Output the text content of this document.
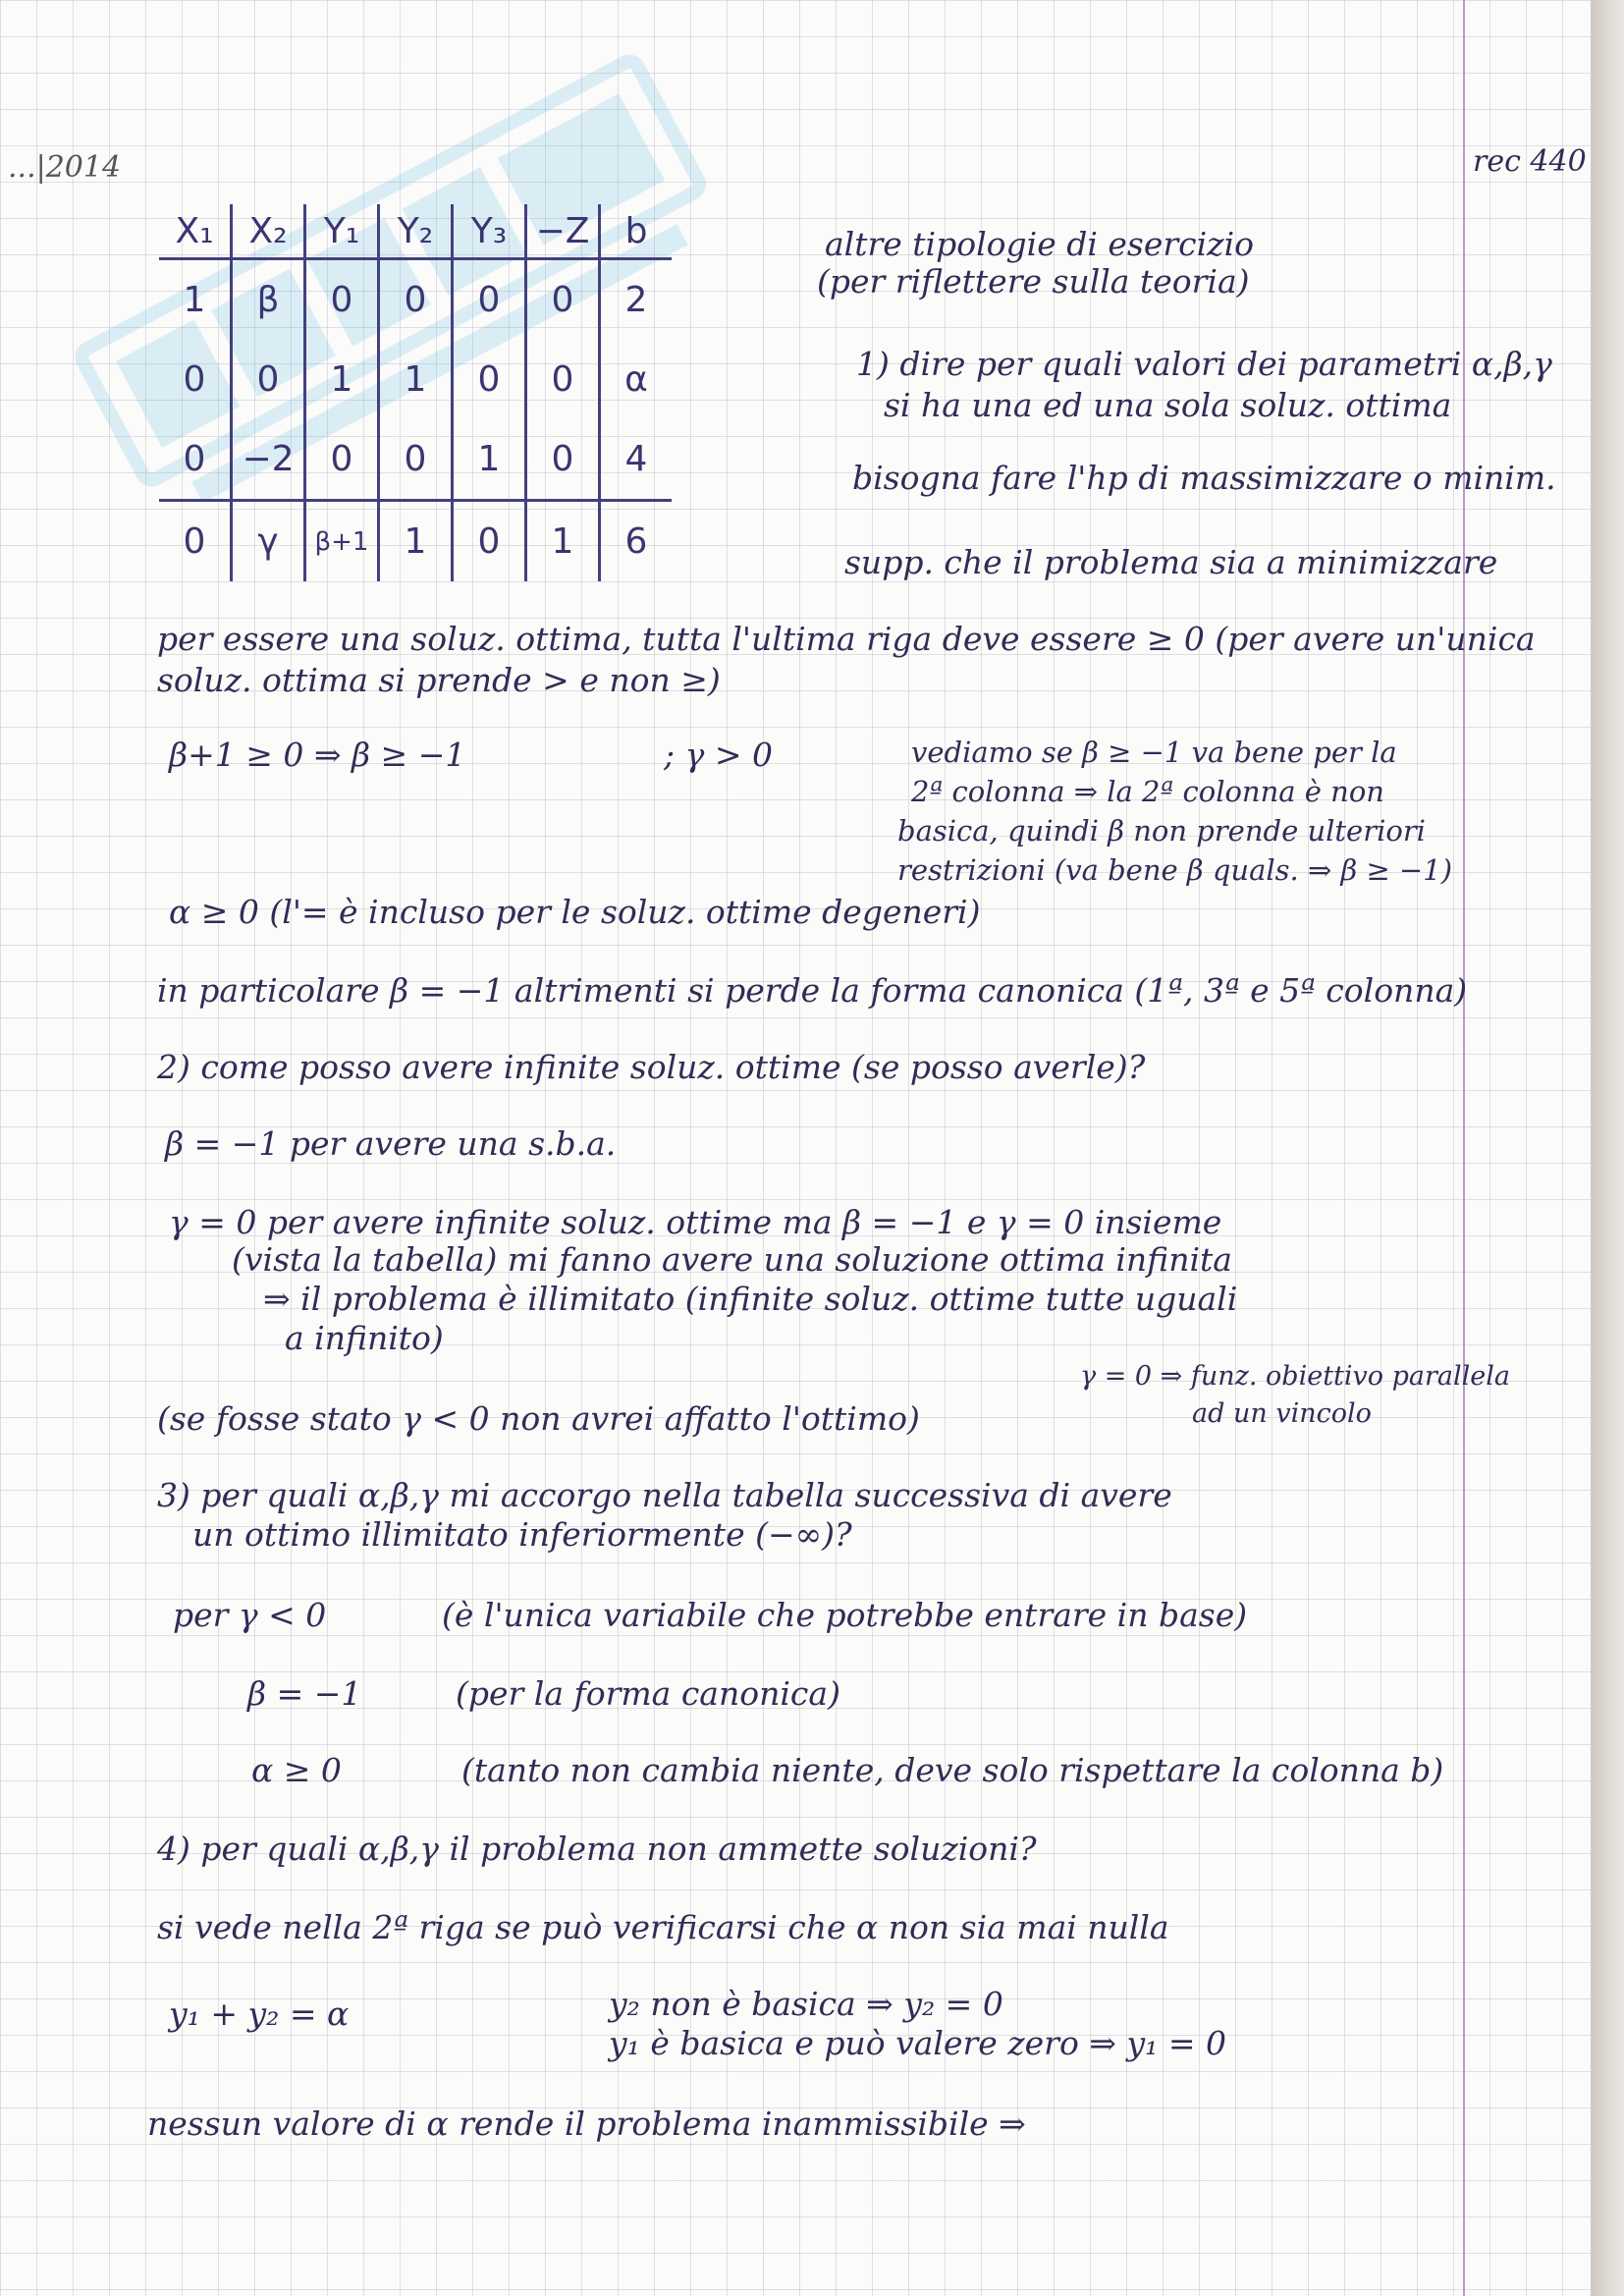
...|2014	rec 440
X₁	X₂	Y₁	Y₂	Y₃	−Z	b
1	β	0	0	0	0	2
0	0	1	1	0	0	α
0	−2	0	0	1	0	4
0	γ	β+1	1	0	1	6
altre tipologie di esercizio
(per riflettere sulla teoria)
1) dire per quali valori dei parametri α,β,γ
si ha una ed una sola soluz. ottima
bisogna fare l'hp di massimizzare o minim.
supp. che il problema sia a minimizzare
per essere una soluz. ottima, tutta l'ultima riga deve essere ≥ 0 (per avere un'unica
soluz. ottima si prende > e non ≥)
β+1 ≥ 0 ⇒ β ≥ −1	; γ > 0	vediamo se β ≥ −1 va bene per la
2ª colonna ⇒ la 2ª colonna è non
basica, quindi β non prende ulteriori
restrizioni (va bene β quals. ⇒ β ≥ −1)
α ≥ 0 (l'= è incluso per le soluz. ottime degeneri)
in particolare β = −1 altrimenti si perde la forma canonica (1ª, 3ª e 5ª colonna)
2) come posso avere infinite soluz. ottime (se posso averle)?
β = −1 per avere una s.b.a.
γ = 0 per avere infinite soluz. ottime ma β = −1 e γ = 0 insieme
(vista la tabella) mi fanno avere una soluzione ottima infinita
⇒ il problema è illimitato (infinite soluz. ottime tutte uguali
a infinito)
γ = 0 ⇒ funz. obiettivo parallela
ad un vincolo
(se fosse stato γ < 0 non avrei affatto l'ottimo)
3) per quali α,β,γ mi accorgo nella tabella successiva di avere
un ottimo illimitato inferiormente (−∞)?
per γ < 0	(è l'unica variabile che potrebbe entrare in base)
β = −1	(per la forma canonica)
α ≥ 0	(tanto non cambia niente, deve solo rispettare la colonna b)
4) per quali α,β,γ il problema non ammette soluzioni?
si vede nella 2ª riga se può verificarsi che α non sia mai nulla
y₁ + y₂ = α	y₂ non è basica ⇒ y₂ = 0
y₁ è basica e può valere zero ⇒ y₁ = 0
nessun valore di α rende il problema inammissibile ⇒
